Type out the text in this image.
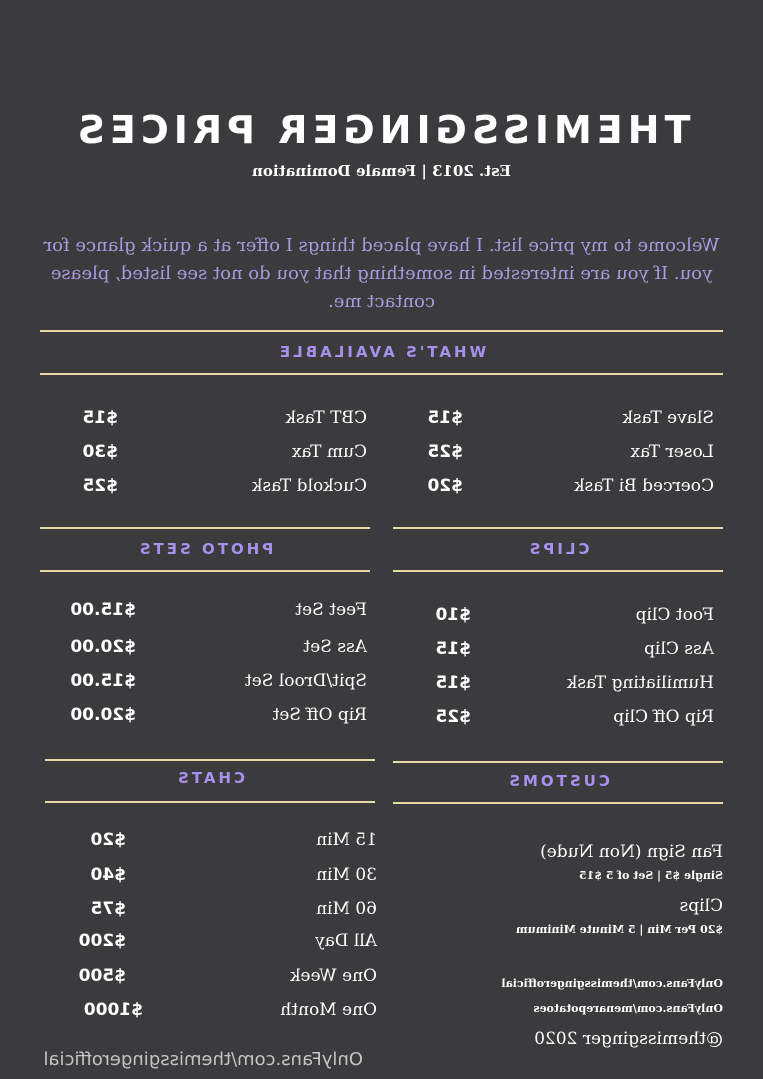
THEMISSGINGER PRICES
Est. 2013 | Female Domination
Welcome to my price list. I have placed things I offer at a quick glance for you. If you are interested in something that you do not see listed, please contact me.
WHAT'S AVAILABLE
Slave Task
$15
Loser Tax
$25
Coerced Bi Task
$20
CBT Task
$15
Cum Tax
$30
Cuckold Task
$25
CLIPS
Foot Clip
$10
Ass Clip
$15
Humiliating Task
$15
Rip Off Clip
$25
PHOTO SETS
Feet Set
$15.00
Ass Set
$20.00
Spit/Drool Set
$15.00
Rip Off Set
$20.00
CUSTOMS
Fan Sign (Non Nude)
Single $5 | Set of 5 $15
Clips
$20 Per Min | 5 Minute Minimum
OnlyFans.com/themissgingerofficial
OnlyFans.com/menarepotatoes
@themissginger 2020
CHATS
15 Min
$20
30 Min
$40
60 Min
$75
All Day
$200
One Week
$500
One Month
$1000
OnlyFans.com/themissgingerofficial
